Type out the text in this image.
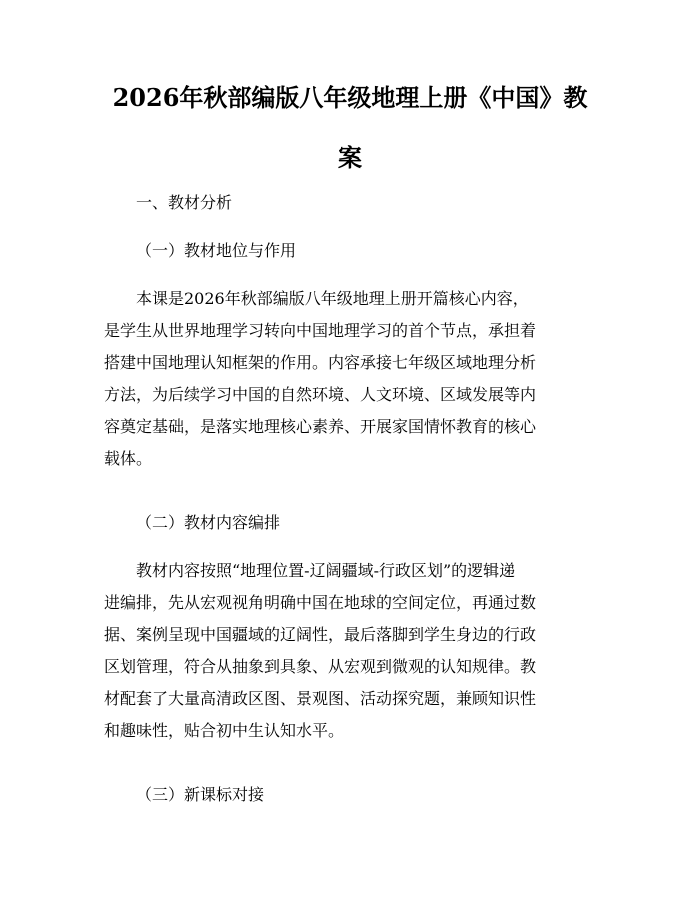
2026年秋部编版八年级地理上册《中国》教
案

一、教材分析

（一）教材地位与作用

本课是2026年秋部编版八年级地理上册开篇核心内容，

是学生从世界地理学习转向中国地理学习的首个节点，承担着

搭建中国地理认知框架的作用。内容承接七年级区域地理分析

方法，为后续学习中国的自然环境、人文环境、区域发展等内

容奠定基础，是落实地理核心素养、开展家国情怀教育的核心

载体。

（二）教材内容编排

教材内容按照“地理位置-辽阔疆域-行政区划”的逻辑递

进编排，先从宏观视角明确中国在地球的空间定位，再通过数

据、案例呈现中国疆域的辽阔性，最后落脚到学生身边的行政

区划管理，符合从抽象到具象、从宏观到微观的认知规律。教

材配套了大量高清政区图、景观图、活动探究题，兼顾知识性

和趣味性，贴合初中生认知水平。

（三）新课标对接
